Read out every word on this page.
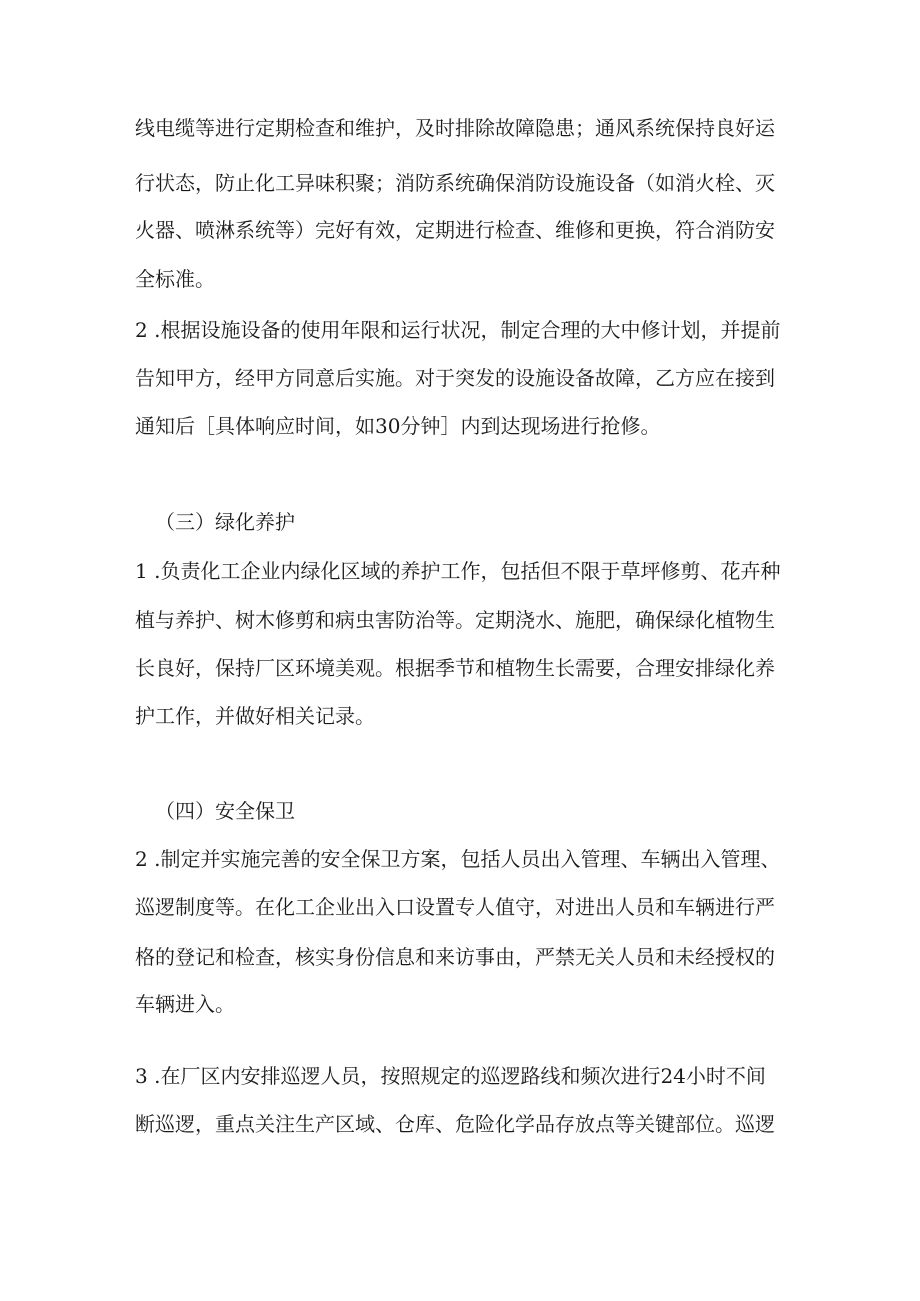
线电缆等进行定期检查和维护，及时排除故障隐患；通风系统保持良好运
行状态，防止化工异味积聚；消防系统确保消防设施设备（如消火栓、灭
火器、喷淋系统等）完好有效，定期进行检查、维修和更换，符合消防安
全标准。
2 .根据设施设备的使用年限和运行状况，制定合理的大中修计划，并提前
告知甲方，经甲方同意后实施。对于突发的设施设备故障，乙方应在接到
通知后［具体响应时间，如30分钟］内到达现场进行抢修。
（三）绿化养护
1 .负责化工企业内绿化区域的养护工作，包括但不限于草坪修剪、花卉种
植与养护、树木修剪和病虫害防治等。定期浇水、施肥，确保绿化植物生
长良好，保持厂区环境美观。根据季节和植物生长需要，合理安排绿化养
护工作，并做好相关记录。
（四）安全保卫
2 .制定并实施完善的安全保卫方案，包括人员出入管理、车辆出入管理、
巡逻制度等。在化工企业出入口设置专人值守，对进出人员和车辆进行严
格的登记和检查，核实身份信息和来访事由，严禁无关人员和未经授权的
车辆进入。
3 .在厂区内安排巡逻人员，按照规定的巡逻路线和频次进行24小时不间
断巡逻，重点关注生产区域、仓库、危险化学品存放点等关键部位。巡逻
